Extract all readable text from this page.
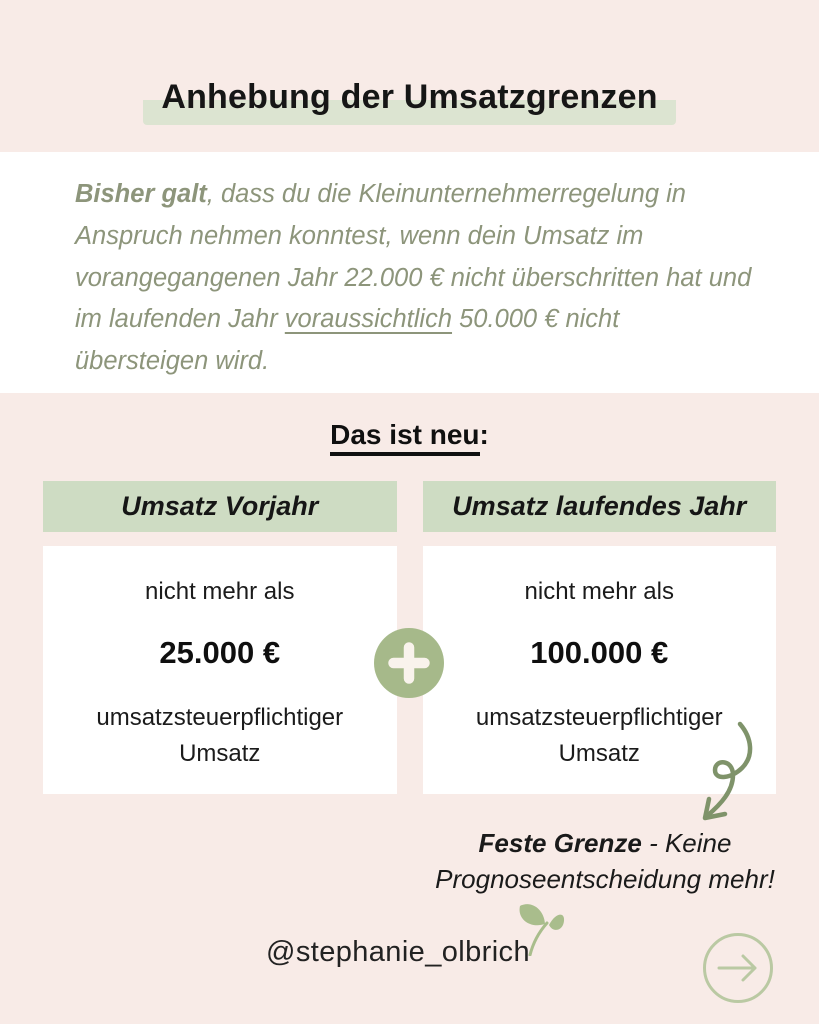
Anhebung der Umsatzgrenzen

Bisher galt, dass du die Kleinunternehmerregelung in Anspruch nehmen konntest, wenn dein Umsatz im vorangegangenen Jahr 22.000 € nicht überschritten hat und im laufenden Jahr voraussichtlich 50.000 € nicht übersteigen wird.

Das ist neu:
Umsatz Vorjahr
nicht mehr als
25.000 €
umsatzsteuerpflichtiger Umsatz
Umsatz laufendes Jahr
nicht mehr als
100.000 €
umsatzsteuerpflichtiger Umsatz

Feste Grenze - Keine Prognoseentscheidung mehr!

@stephanie_olbrich
